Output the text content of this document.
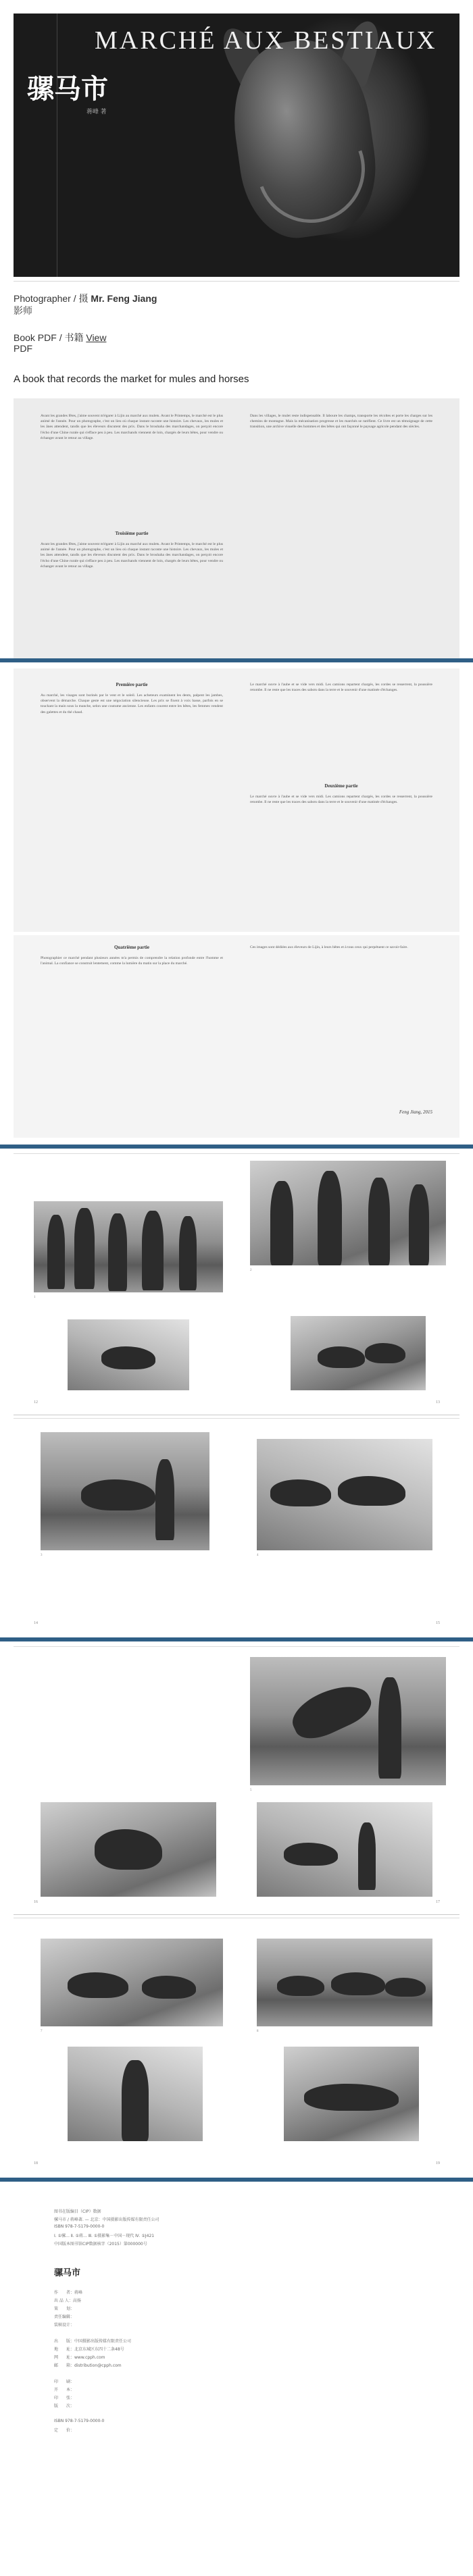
MARCHÉ AUX BESTIAUX
骡马市
蒋峰 著
Photographer / 摄 Mr. Feng Jiang
影师
Book PDF / 书籍 View
PDF
A book that records the market for mules and horses
Avant les grandes fêtes, j'aime souvent m'égarer à Lijin au marché aux mulets. Avant le Printemps, le marché est le plus animé de l'année. Pour un photographe, c'est un lieu où chaque instant raconte une histoire. Les chevaux, les mules et les ânes attendent, tandis que les éleveurs discutent des prix. Dans le brouhaha des marchandages, on perçoit encore l'écho d'une Chine rurale qui s'efface peu à peu. Les marchands viennent de loin, chargés de leurs bêtes, pour vendre ou échanger avant le retour au village.
Troisième partie
Avant les grandes fêtes, j'aime souvent m'égarer à Lijin au marché aux mulets. Avant le Printemps, le marché est le plus animé de l'année. Pour un photographe, c'est un lieu où chaque instant raconte une histoire. Les chevaux, les mules et les ânes attendent, tandis que les éleveurs discutent des prix. Dans le brouhaha des marchandages, on perçoit encore l'écho d'une Chine rurale qui s'efface peu à peu. Les marchands viennent de loin, chargés de leurs bêtes, pour vendre ou échanger avant le retour au village.
Dans les villages, le mulet reste indispensable. Il laboure les champs, transporte les récoltes et porte les charges sur les chemins de montagne. Mais la mécanisation progresse et les marchés se raréfient. Ce livre est un témoignage de cette transition, une archive visuelle des hommes et des bêtes qui ont façonné le paysage agricole pendant des siècles.
Première partie
Au marché, les visages sont burinés par le vent et le soleil. Les acheteurs examinent les dents, palpent les jambes, observent la démarche. Chaque geste est une négociation silencieuse. Les prix se fixent à voix basse, parfois en se touchant la main sous la manche, selon une coutume ancienne. Les enfants courent entre les bêtes, les femmes vendent des galettes et du thé chaud.
Le marché ouvre à l'aube et se vide vers midi. Les camions repartent chargés, les cordes se resserrent, la poussière retombe. Il ne reste que les traces des sabots dans la terre et le souvenir d'une matinée d'échanges.
Deuxième partie
Le marché ouvre à l'aube et se vide vers midi. Les camions repartent chargés, les cordes se resserrent, la poussière retombe. Il ne reste que les traces des sabots dans la terre et le souvenir d'une matinée d'échanges.
Quatrième partie
Photographier ce marché pendant plusieurs années m'a permis de comprendre la relation profonde entre l'homme et l'animal. La confiance se construit lentement, comme la lumière du matin sur la place du marché.
Ces images sont dédiées aux éleveurs de Lijin, à leurs bêtes et à tous ceux qui perpétuent ce savoir-faire.
Feng Jiang, 2015
1
2
12	13
3	4
14	15
5
16	17
7	8
18	19
图书在版编目（CIP）数据
骡马市 / 蒋峰著. — 北京：中国摄影出版传媒有限责任公司
ISBN 978-7-5179-0000-0
Ⅰ. ①骡… Ⅱ. ①蒋… Ⅲ. ①摄影集－中国－现代 Ⅳ. ①J421
中国版本图书馆CIP数据核字（2015）第000000号
骡马市
作　　者：蒋峰
出 品 人：高扬
策　　划：
责任编辑：
装帧设计：
出　　版：中国摄影出版传媒有限责任公司
地　　址：北京东城区东四十二条48号
网　　址：www.cpph.com
邮　　箱：distribution@cpph.com
印　　刷：
开　　本：
印　　张：
版　　次：
ISBN 978-7-5179-0000-0
定　　价：
